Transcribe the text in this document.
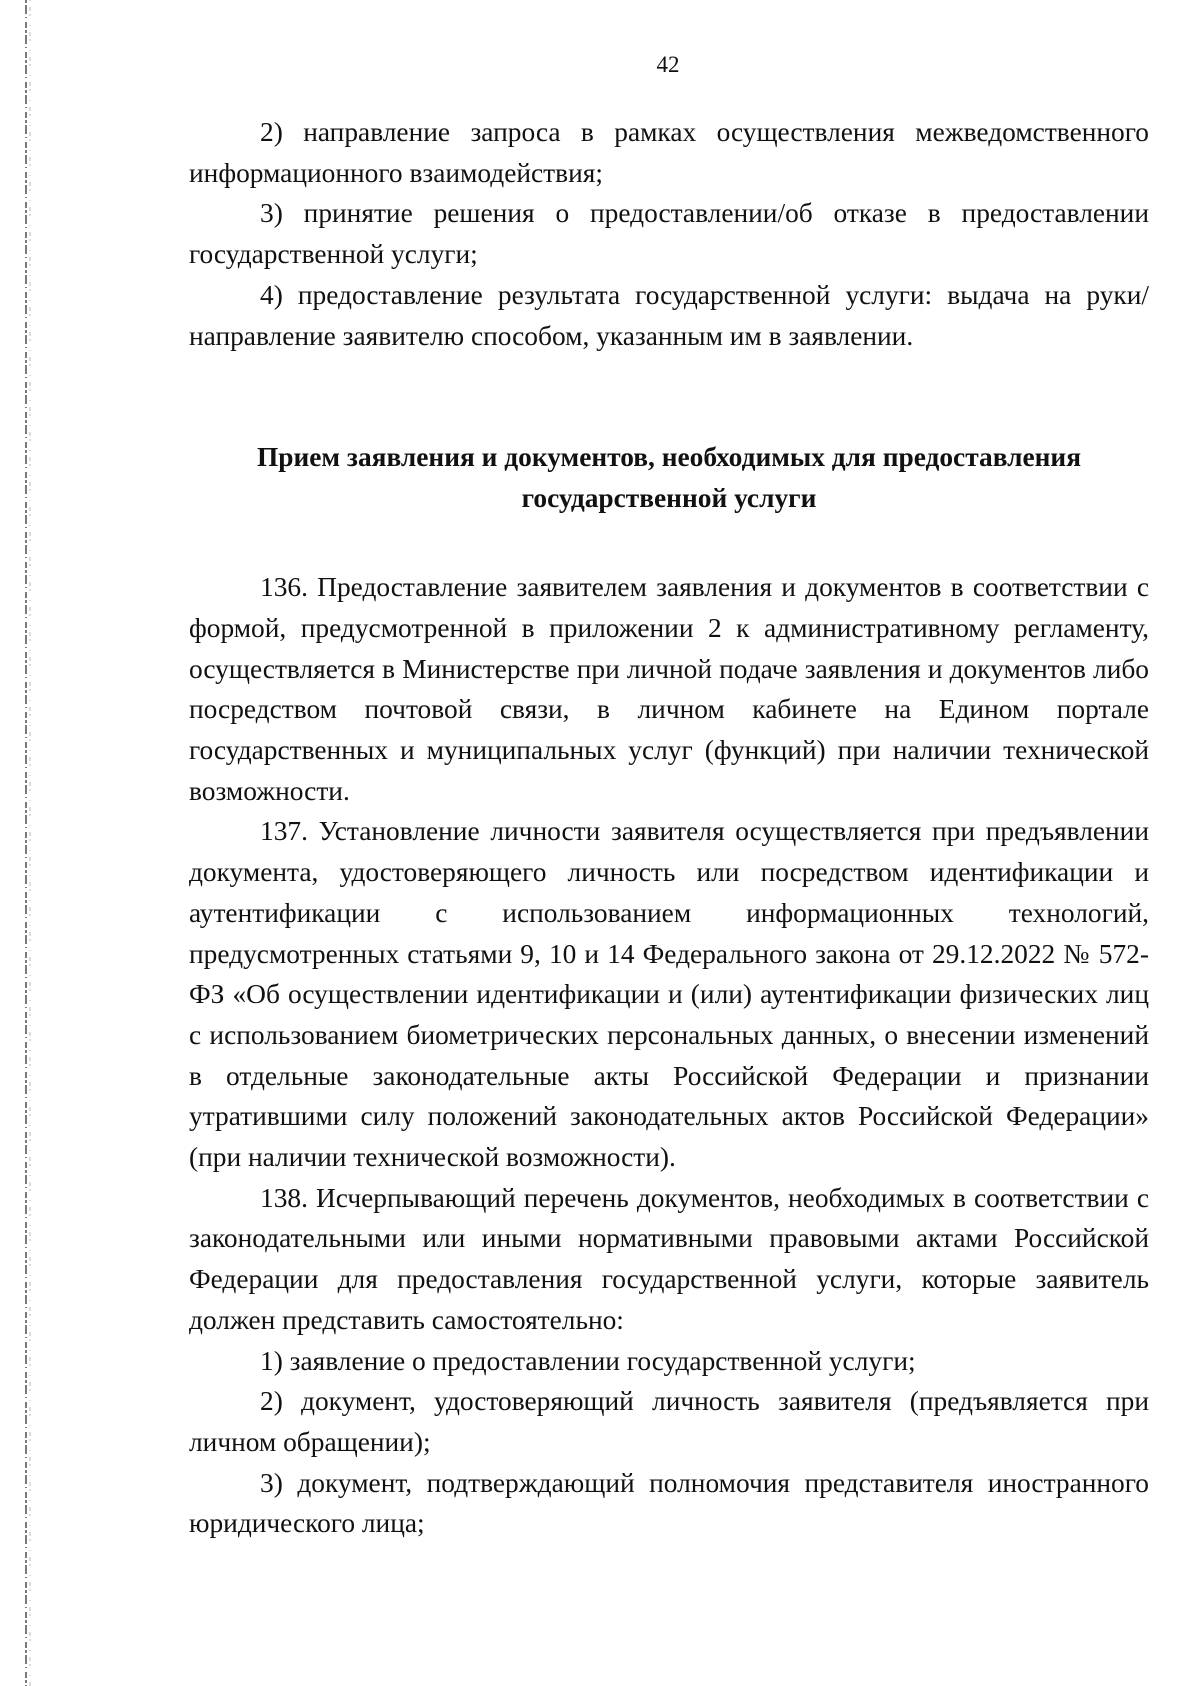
42

2) направление запроса в рамках осуществления межведомственного информационного взаимодействия;

3) принятие решения о предоставлении/об отказе в предоставлении государственной услуги;

4) предоставление результата государственной услуги: выдача на руки/ направление заявителю способом, указанным им в заявлении.

Прием заявления и документов, необходимых для предоставления
государственной услуги

136. Предоставление заявителем заявления и документов в соответствии с формой, предусмотренной в приложении 2 к административному регламенту, осуществляется в Министерстве при личной подаче заявления и документов либо посредством почтовой связи, в личном кабинете на Едином портале государственных и муниципальных услуг (функций) при наличии технической возможности.

137. Установление личности заявителя осуществляется при предъявлении документа, удостоверяющего личность или посредством идентификации и аутентификации с использованием информационных технологий, предусмотренных статьями 9, 10 и 14 Федерального закона от 29.12.2022 № 572-ФЗ «Об осуществлении идентификации и (или) аутентификации физических лиц с использованием биометрических персональных данных, о внесении изменений в отдельные законодательные акты Российской Федерации и признании утратившими силу положений законодательных актов Российской Федерации» (при наличии технической возможности).

138. Исчерпывающий перечень документов, необходимых в соответствии с законодательными или иными нормативными правовыми актами Российской Федерации для предоставления государственной услуги, которые заявитель должен представить самостоятельно:

1) заявление о предоставлении государственной услуги;

2) документ, удостоверяющий личность заявителя (предъявляется при личном обращении);

3) документ, подтверждающий полномочия представителя иностранного юридического лица;
